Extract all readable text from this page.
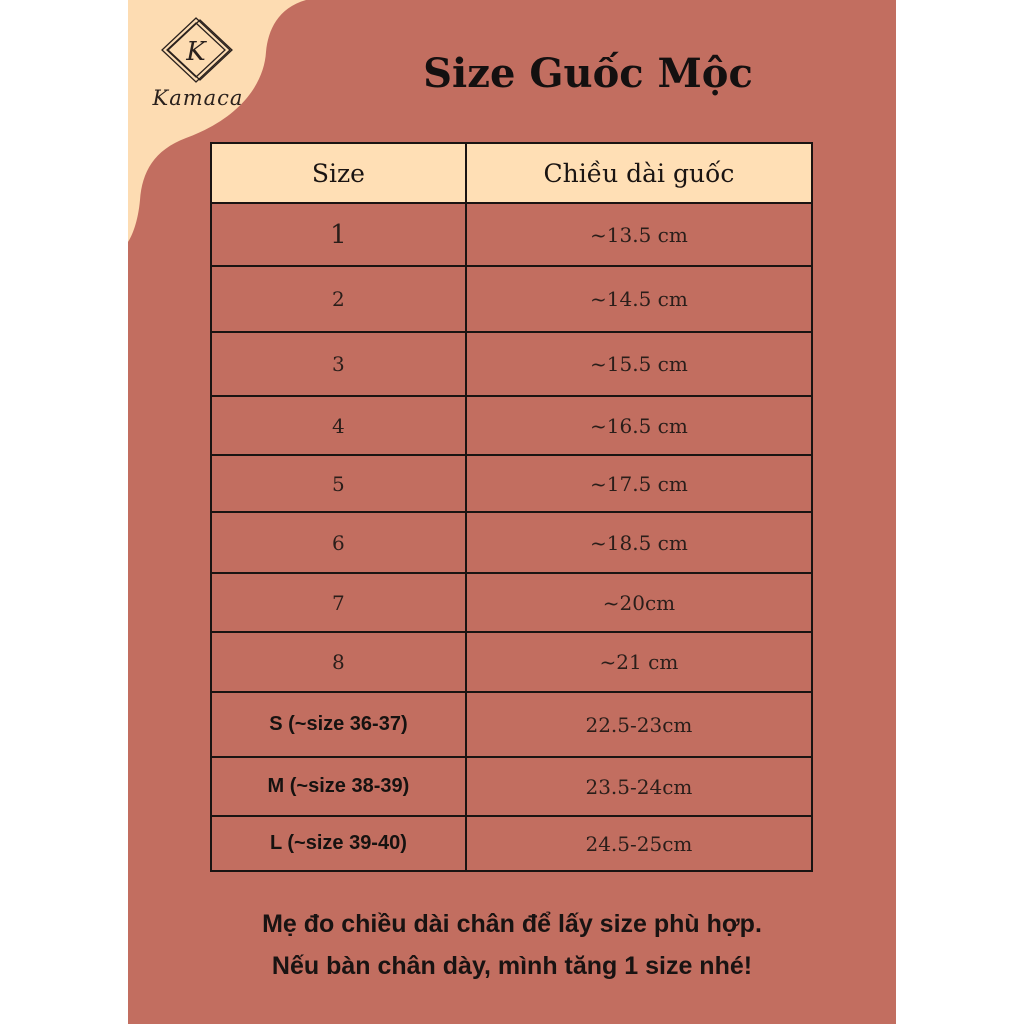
K
Kamaca
Size Guốc Mộc
Size	Chiều dài guốc
1	~13.5 cm
2	~14.5 cm
3	~15.5 cm
4	~16.5 cm
5	~17.5 cm
6	~18.5 cm
7	~20cm
8	~21 cm
S (~size 36-37)	22.5-23cm
M (~size 38-39)	23.5-24cm
L (~size 39-40)	24.5-25cm
Mẹ đo chiều dài chân để lấy size phù hợp.
Nếu bàn chân dày, mình tăng 1 size nhé!
